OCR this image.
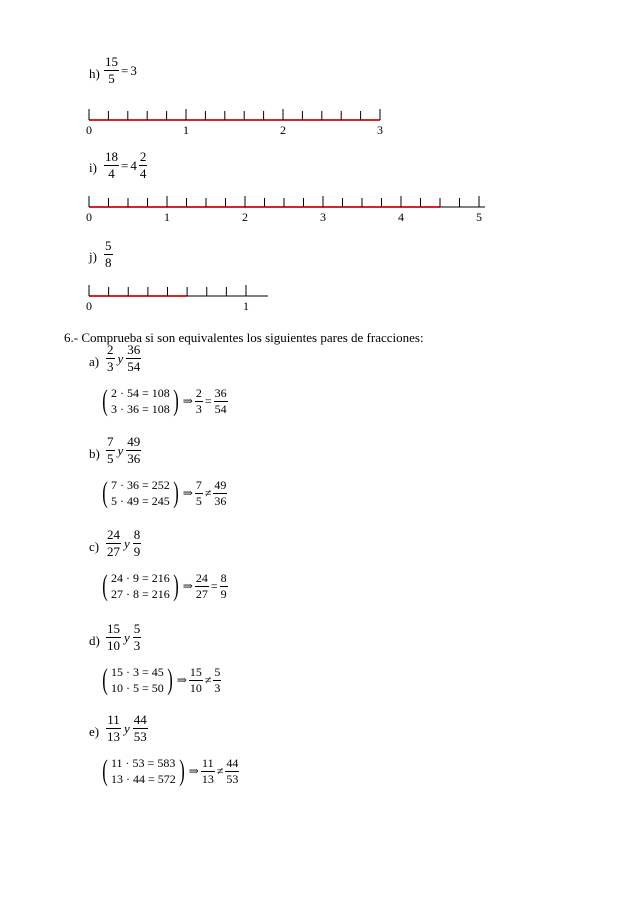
$h) \frac{15}{5} = 3$
0	1	2	3
$i) \frac{18}{4} = 4 \frac{2}{4}$
0	1	2	3	4	5
$j) \frac{5}{8}$
0	1
6.- Comprueba si son equivalentes los siguientes pares de fracciones:
$a) \frac{2}{3}$ y $\frac{36}{54}$
( 2 · 54 = 108
3 · 36 = 108 ) ⇒ $\frac{2}{3} = \frac{36}{54}$
$b) \frac{7}{5}$ y $\frac{49}{36}$
( 7 · 36 = 252
5 · 49 = 245 ) ⇒ $\frac{7}{5} \ne \frac{49}{36}$
$c) \frac{24}{27}$ y $\frac{8}{9}$
( 24 · 9 = 216
27 · 8 = 216 ) ⇒ $\frac{24}{27} = \frac{8}{9}$
$d) \frac{15}{10}$ y $\frac{5}{3}$
( 15 · 3 = 45
10 · 5 = 50 ) ⇒ $\frac{15}{10} \ne \frac{5}{3}$
$e) \frac{11}{13}$ y $\frac{44}{53}$
( 11 · 53 = 583
13 · 44 = 572 ) ⇒ $\frac{11}{13} \ne \frac{44}{53}$
